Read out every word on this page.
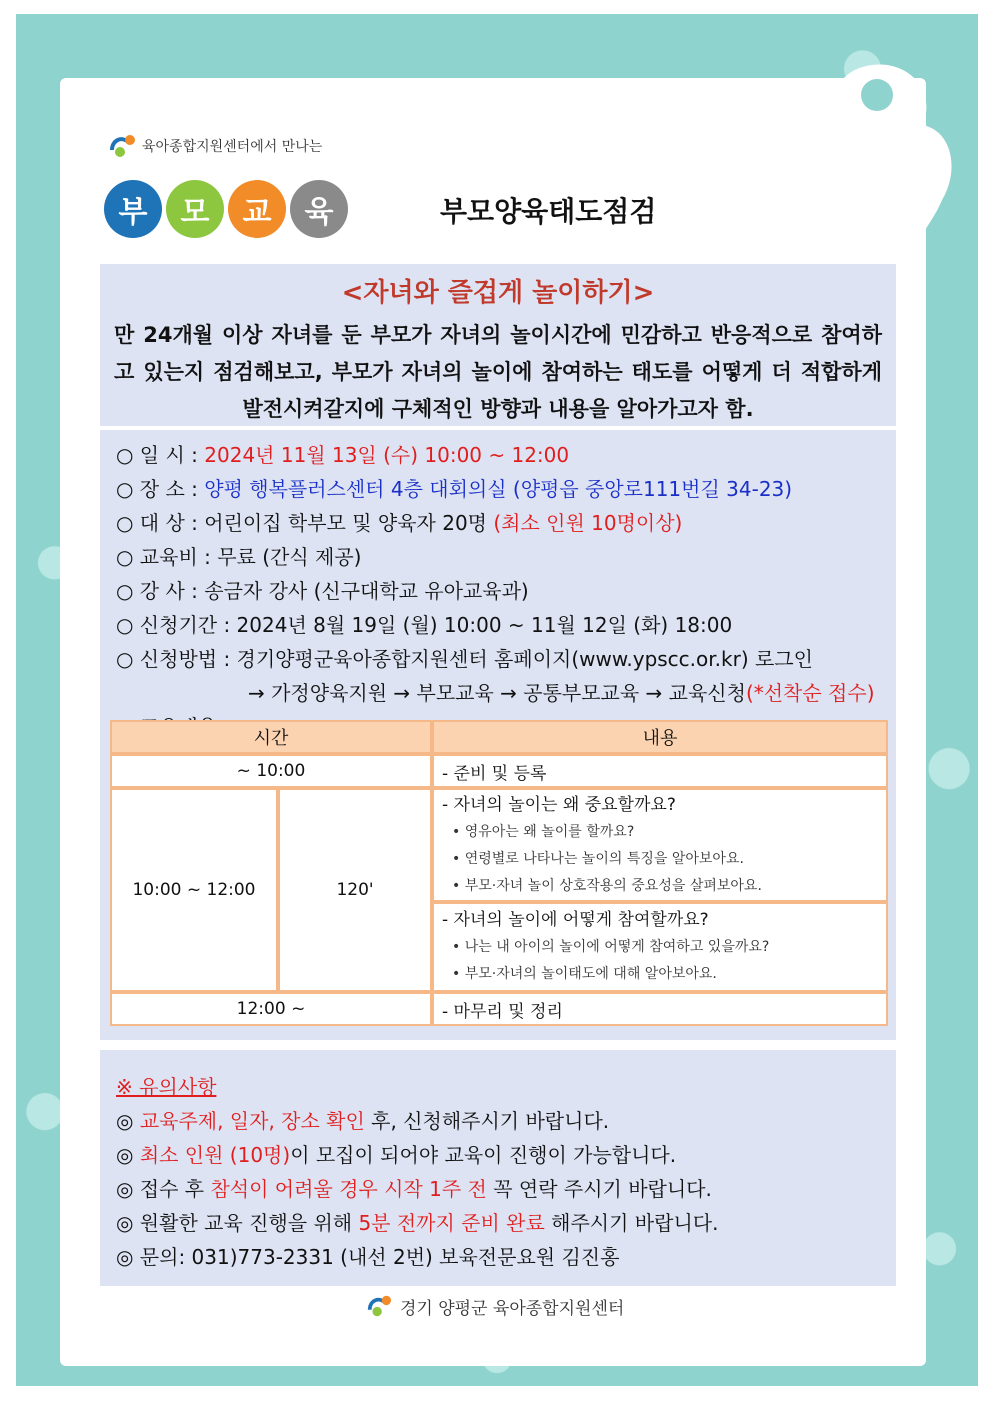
육아종합지원센터에서 만나는
부	모	교	육	부모양육태도점검
<자녀와 즐겁게 놀이하기>
만 24개월 이상 자녀를 둔 부모가 자녀의 놀이시간에 민감하고 반응적으로 참여하고 있는지 점검해보고, 부모가 자녀의 놀이에 참여하는 태도를 어떻게 더 적합하게 발전시켜갈지에 구체적인 방향과 내용을 알아가고자 함.
○ 일 시 : 2024년 11월 13일 (수) 10:00 ~ 12:00
○ 장 소 : 양평 행복플러스센터 4층 대회의실 (양평읍 중앙로111번길 34-23)
○ 대 상 : 어린이집 학부모 및 양육자 20명 (최소 인원 10명이상)
○ 교육비 : 무료 (간식 제공)
○ 강 사 : 송금자 강사 (신구대학교 유아교육과)
○ 신청기간 : 2024년 8월 19일 (월) 10:00 ~ 11월 12일 (화) 18:00
○ 신청방법 : 경기양평군육아종합지원센터 홈페이지(www.ypscc.or.kr) 로그인
→ 가정양육지원 → 부모교육 → 공통부모교육 → 교육신청(*선착순 접수)
시간		내용
~ 10:00		- 준비 및 등록
10:00 ~ 12:00	120'	- 자녀의 놀이는 왜 중요할까요?
• 영유아는 왜 놀이를 할까요?
• 연령별로 나타나는 놀이의 특징을 알아보아요.
• 부모·자녀 놀이 상호작용의 중요성을 살펴보아요.

		- 자녀의 놀이에 어떻게 참여할까요?
• 나는 내 아이의 놀이에 어떻게 참여하고 있을까요?
• 부모·자녀의 놀이태도에 대해 알아보아요.

12:00 ~		- 마무리 및 정리
※ 유의사항
◎ 교육주제, 일자, 장소 확인 후, 신청해주시기 바랍니다.
◎ 최소 인원 (10명)이 모집이 되어야 교육이 진행이 가능합니다.
◎ 접수 후 참석이 어려울 경우 시작 1주 전 꼭 연락 주시기 바랍니다.
◎ 원활한 교육 진행을 위해 5분 전까지 준비 완료 해주시기 바랍니다.
◎ 문의: 031)773-2331 (내선 2번) 보육전문요원 김진홍
경기 양평군 육아종합지원센터
